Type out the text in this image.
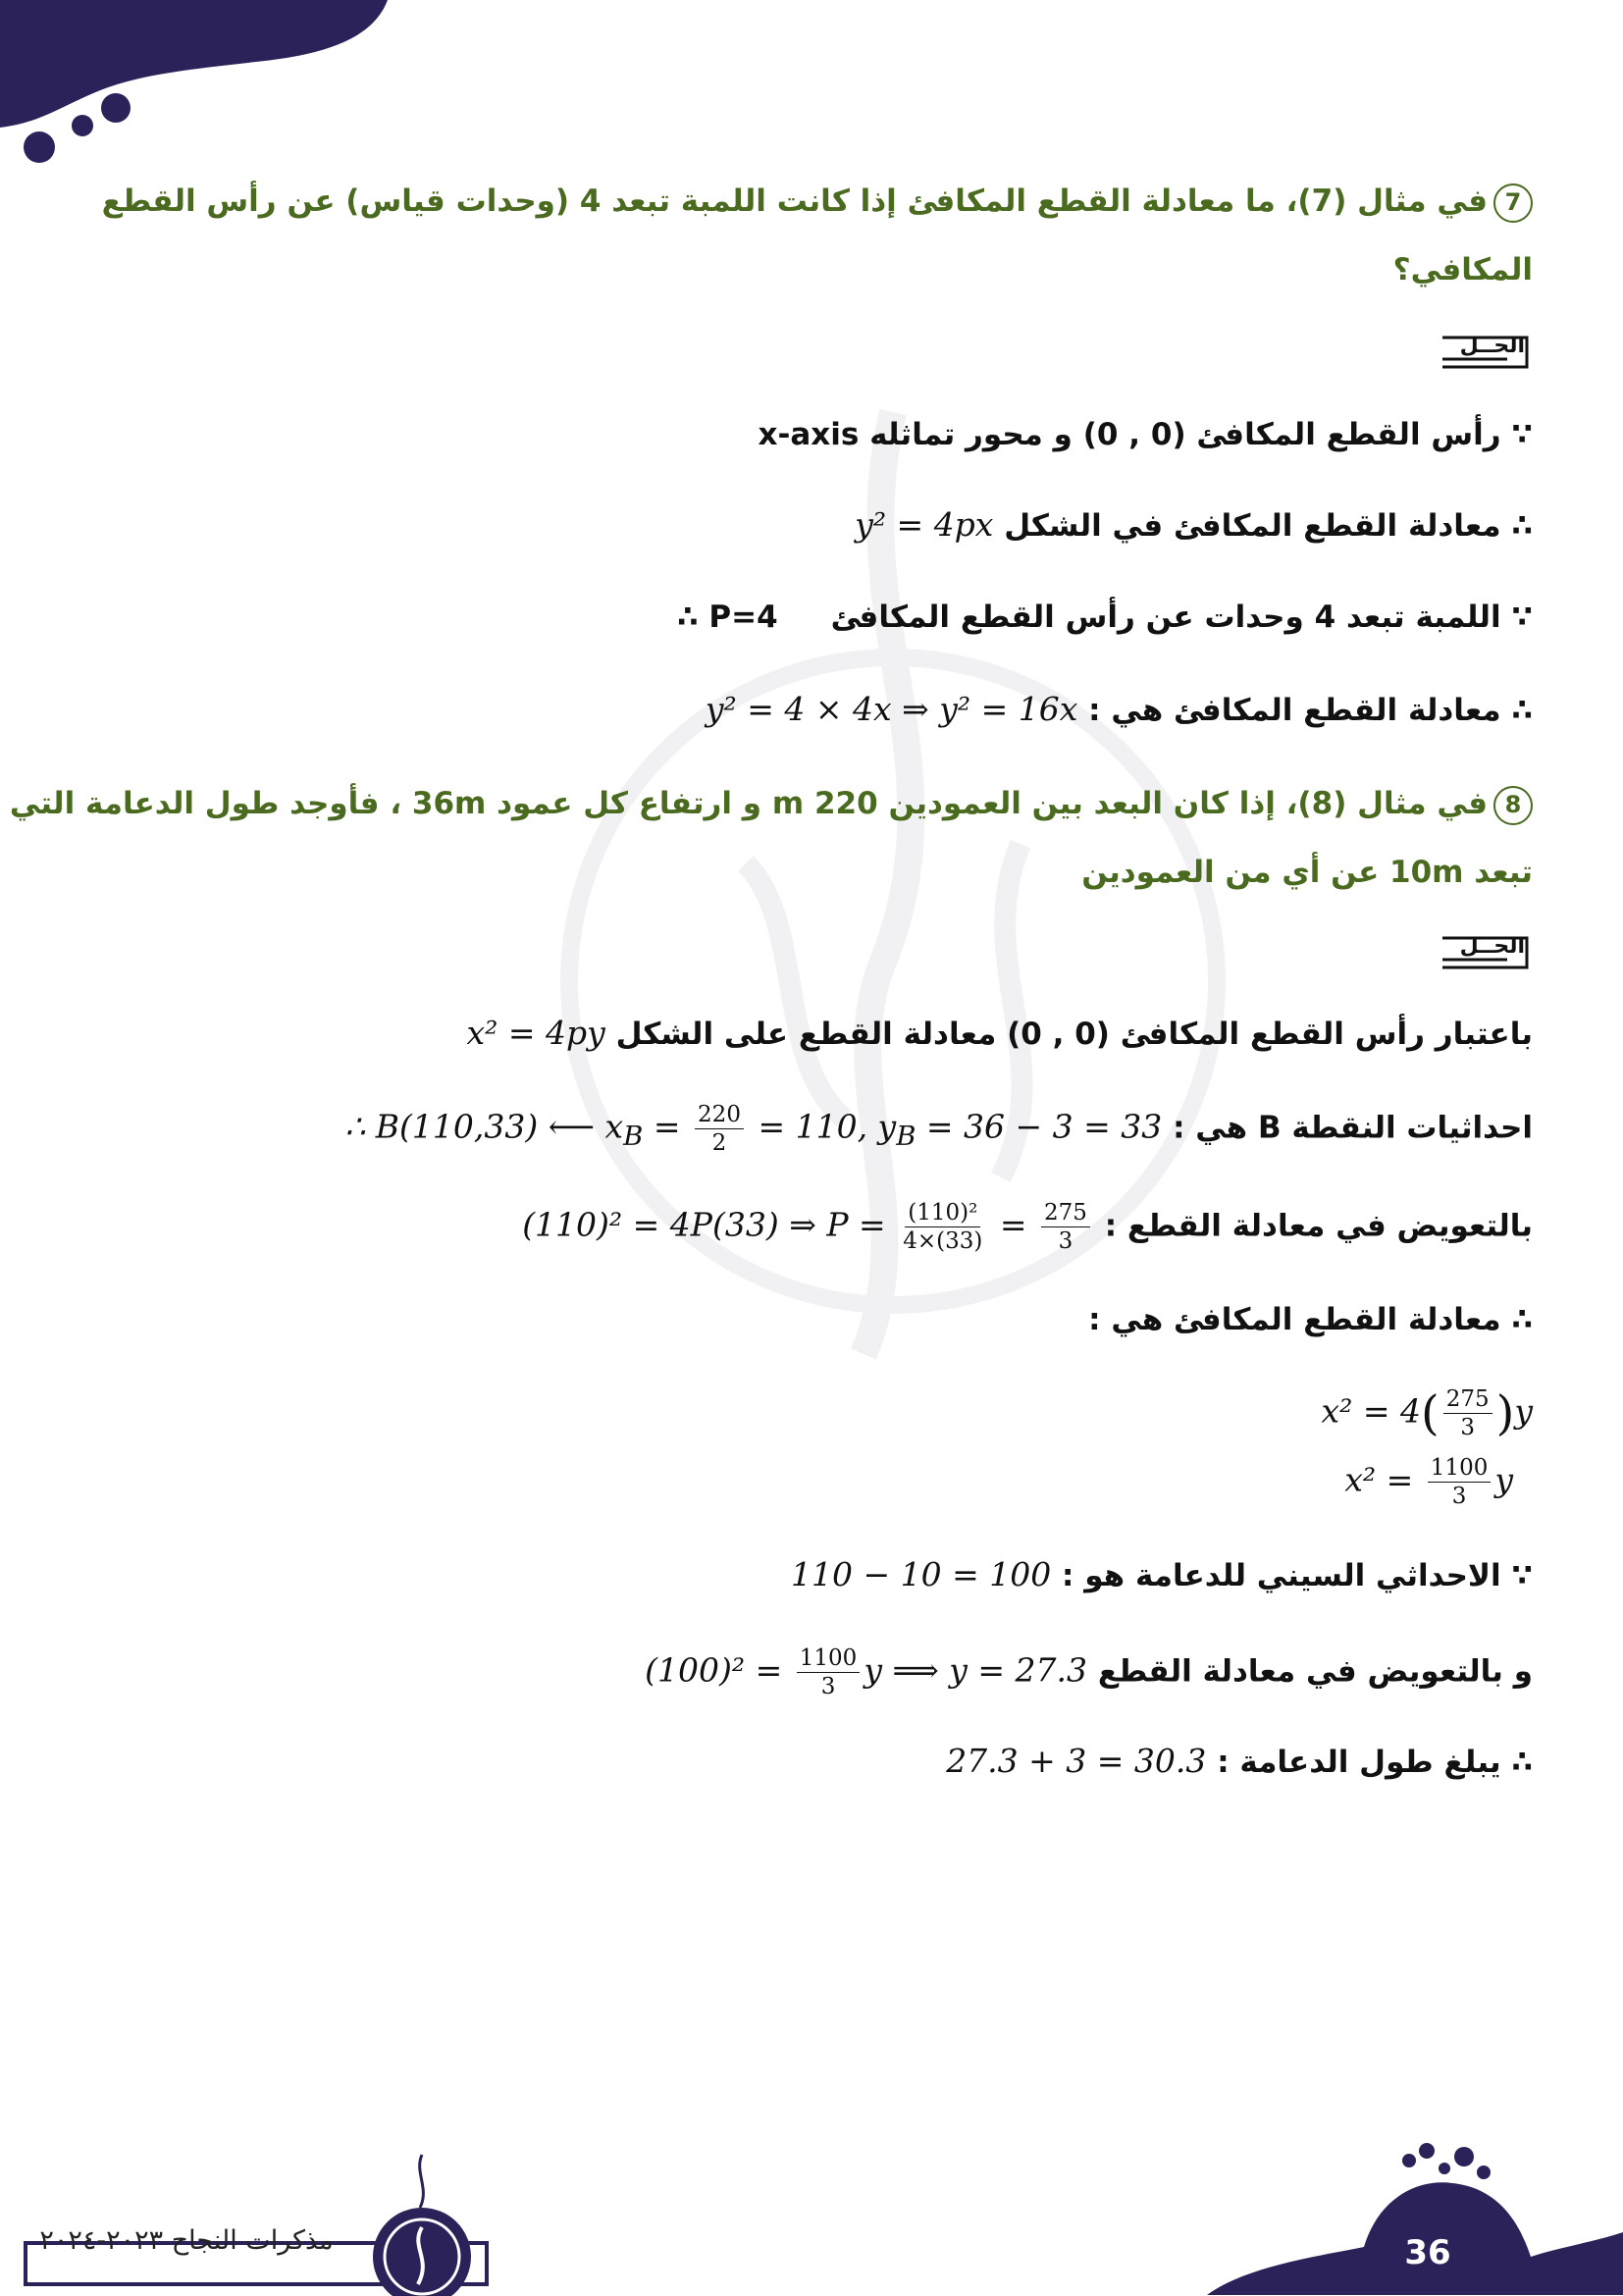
7في مثال (7)، ما معادلة القطع المكافئ إذا كانت اللمبة تبعد 4 (وحدات قياس) عن رأس القطع
المكافي؟
الحــل
∵ رأس القطع المكافئ (0 , 0) و محور تماثله x-axis
∴ معادلة القطع المكافئ في الشكل y² = 4px
∵ اللمبة تبعد 4 وحدات عن رأس القطع المكافئ     ∴ P=4
∴ معادلة القطع المكافئ هي : y² = 4 × 4x ⇒ y² = 16x
8في مثال (8)، إذا كان البعد بين العمودين 220 m و ارتفاع كل عمود 36m ، فأوجد طول الدعامة التي
تبعد 10m عن أي من العمودين
الحــل
باعتبار رأس القطع المكافئ (0 , 0) معادلة القطع على الشكل x² = 4py
احداثيات النقطة B هي : ∴ B(110,33) ⟵ $x_B = \frac{220}{2} = 110$, $y_B = 36 - 3 = 33$
بالتعويض في معادلة القطع : (110)² = 4P(33) ⇒ $P = \frac{\text{(110)²}}{4\times(33)} = \frac{275}{3}$
∴ معادلة القطع المكافئ هي :
$x^2 = 4( \frac{275}{3} )y$
$x^2 = \frac{1100}{3}$ y
∵ الاحداثي السيني للدعامة هو : 110 − 10 = 100
و بالتعويض في معادلة القطع $(100)^2 = \frac{1100}{3}$ y ⟹ y = 27.3
∴ يبلغ طول الدعامة : 27.3 + 3 = 30.3
مذكرات النجاح ٢٠٢٣-٢٠٢٤	36
